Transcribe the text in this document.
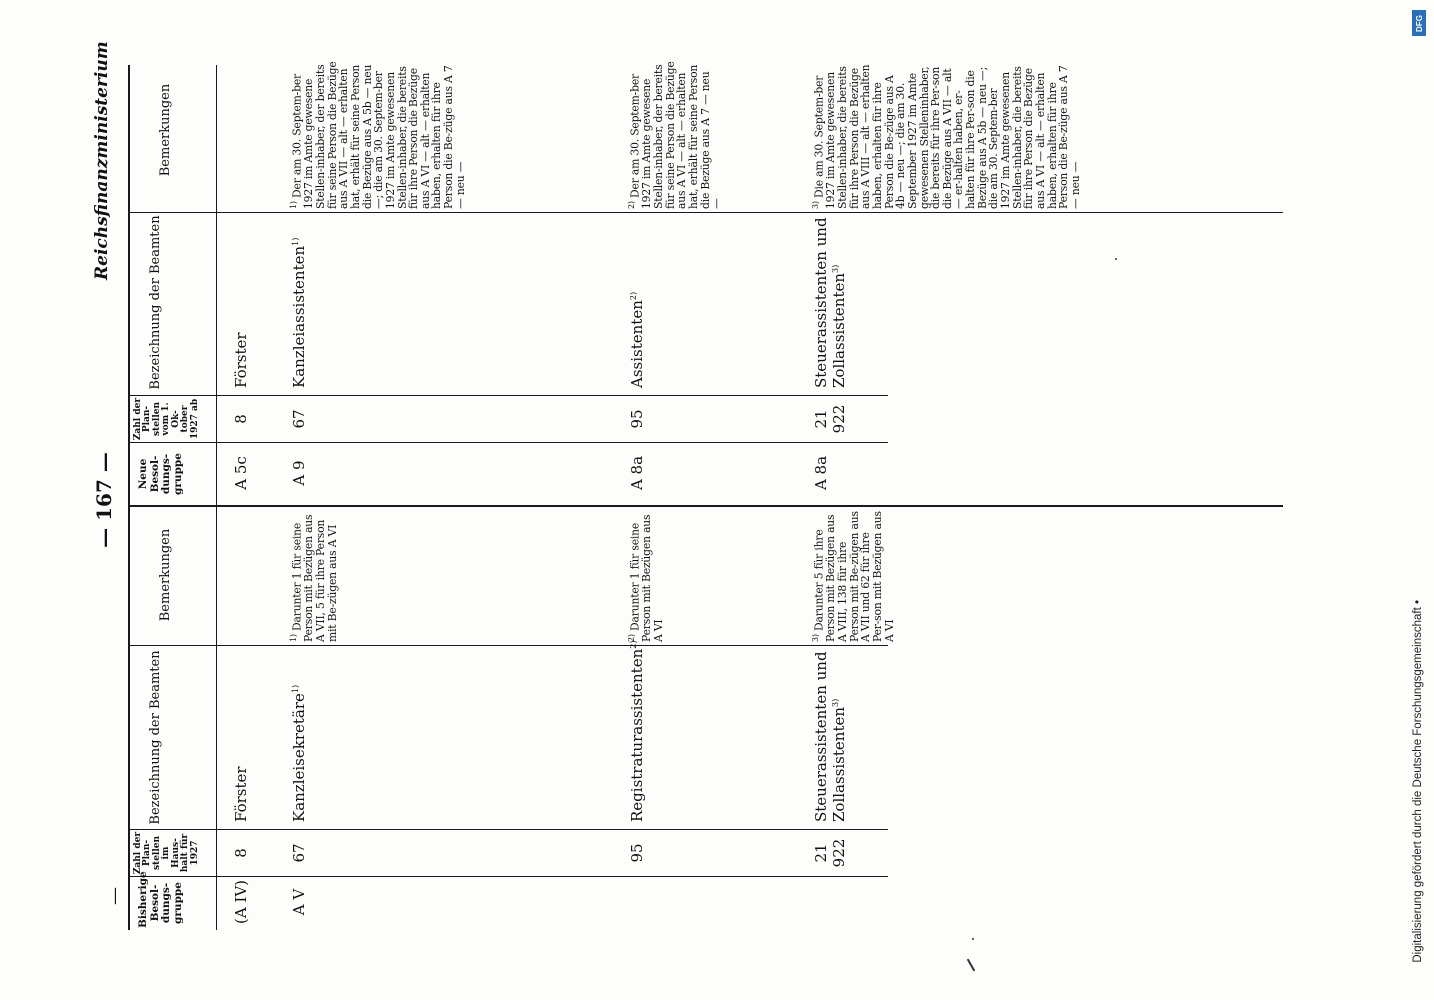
—
— 167 —
Reichsfinanzministerium
Bisherige Besol-dungs-gruppe
Zahl der Plan-stellen im Haus-halt für 1927
Bezeichnung der Beamten
Bemerkungen
Neue Besol-dungs-gruppe
Zahl der Plan-stellen vom 1. Ok-tober 1927 ab
Bezeichnung der Beamten
Bemerkungen
(A IV)
8
Förster
A V
67
Kanzleisekretäre$^{1)}$
$^{1)}$ Darunter 1 für seine Person mit Bezügen aus A VII, 5 für ihre Person mit Be-zügen aus A VI
95
Registraturassistenten$^{2)}$
$^{2)}$ Darunter 1 für seine Person mit Bezügen aus A VI
21 922
Steuerassistenten und Zollassistenten$^{3)}$
$^{3)}$ Darunter 5 für ihre Person mit Bezügen aus A VIII, 138 für ihre Person mit Be-zügen aus A VII und 62 für ihre Per-son mit Bezügen aus A VI
A 5c
8
Förster
A 9
67
Kanzleiassistenten$^{1)}$
$^{1)}$ Der am 30. Septem-ber 1927 im Amte gewesene Stellen-inhaber, der bereits für seine Person die Bezüge aus A VII — alt — erhalten hat, erhält für seine Person die Bezüge aus A 5b — neu —; die am 30. Septem-ber 1927 im Amte gewesenen Stellen-inhaber, die bereits für ihre Person die Bezüge aus A VI — alt — erhalten haben, erhalten für ihre Person die Be-züge aus A 7 — neu —
A 8a
95
Assistenten$^{2)}$
$^{2)}$ Der am 30. Septem-ber 1927 im Amte gewesene Stellen-inhaber, der bereits für seine Person die Bezüge aus A VI — alt — erhalten hat, erhält für seine Person die Bezüge aus A 7 — neu —
A 8a
21 922
Steuerassistenten und Zollassistenten$^{3)}$
$^{3)}$ Die am 30. Septem-ber 1927 im Amte gewesenen Stellen-inhaber, die bereits für ihre Person die Bezüge aus A VIII — alt — erhalten haben, erhalten für ihre Person die Be-züge aus A 4b — neu —; die am 30. September 1927 im Amte gewesenen Stelleninhaber, die bereits für ihre Per-son die Bezüge aus A VII — alt — er-halten haben, er-halten für ihre Per-son die Bezüge aus A 5b — neu —; die am 30. Septem-ber 1927 im Amte gewesenen Stellen-inhaber, die bereits für ihre Person die Bezüge aus A VI — alt — erhalten haben, erhalten für ihre Person die Be-züge aus A 7 — neu —
DFG
Digitalisierung gefördert durch die Deutsche Forschungsgemeinschaft •
